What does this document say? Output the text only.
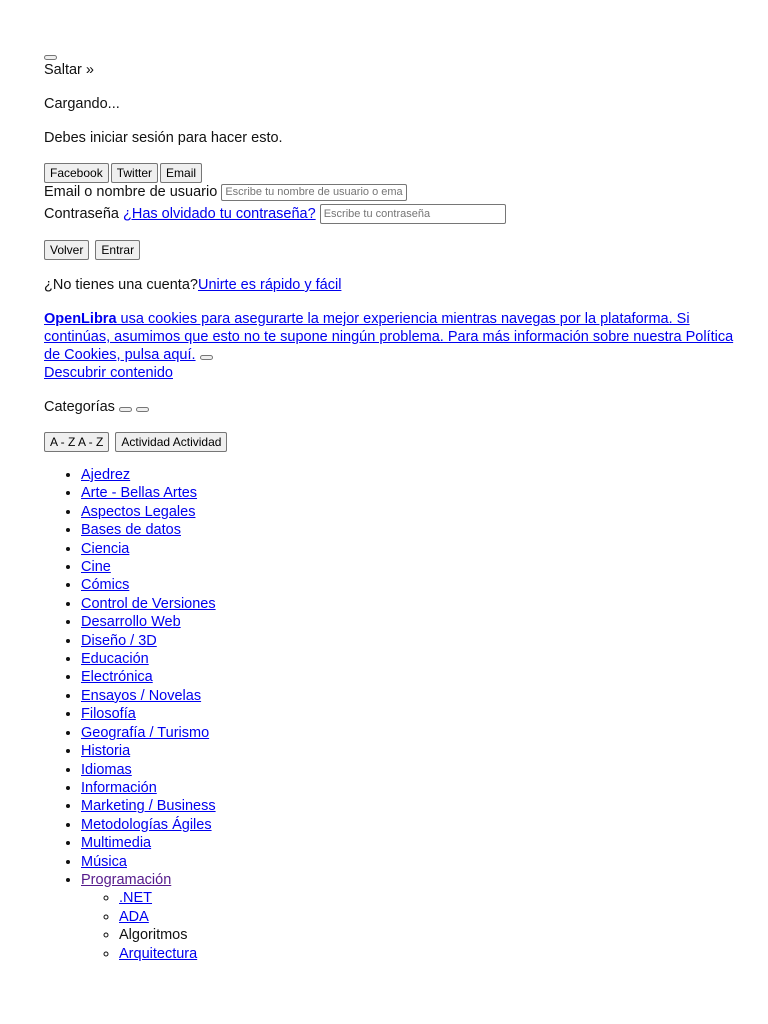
Saltar »
Cargando...
Debes iniciar sesión para hacer esto.
Facebook Twitter Email
Email o nombre de usuario Escribe tu nombre de usuario o email
Contraseña ¿Has olvidado tu contraseña?
Volver Entrar
¿No tienes una cuenta?Unirte es rápido y fácil
OpenLibra usa cookies para asegurarte la mejor experiencia mientras navegas por la plataforma. Si continúas, asumimos que esto no te supone ningún problema. Para más información sobre nuestra Política de Cookies, pulsa aquí.
Descubrir contenido
Categorías
A - Z A - Z Actividad Actividad
• Ajedrez
• Arte - Bellas Artes
• Aspectos Legales
• Bases de datos
• Ciencia
• Cine
• Cómics
• Control de Versiones
• Desarrollo Web
• Diseño / 3D
• Educación
• Electrónica
• Ensayos / Novelas
• Filosofía
• Geografía / Turismo
• Historia
• Idiomas
• Información
• Marketing / Business
• Metodologías Ágiles
• Multimedia
• Música
• Programación
◦ .NET
◦ ADA
◦ Algoritmos
◦ Arquitectura
